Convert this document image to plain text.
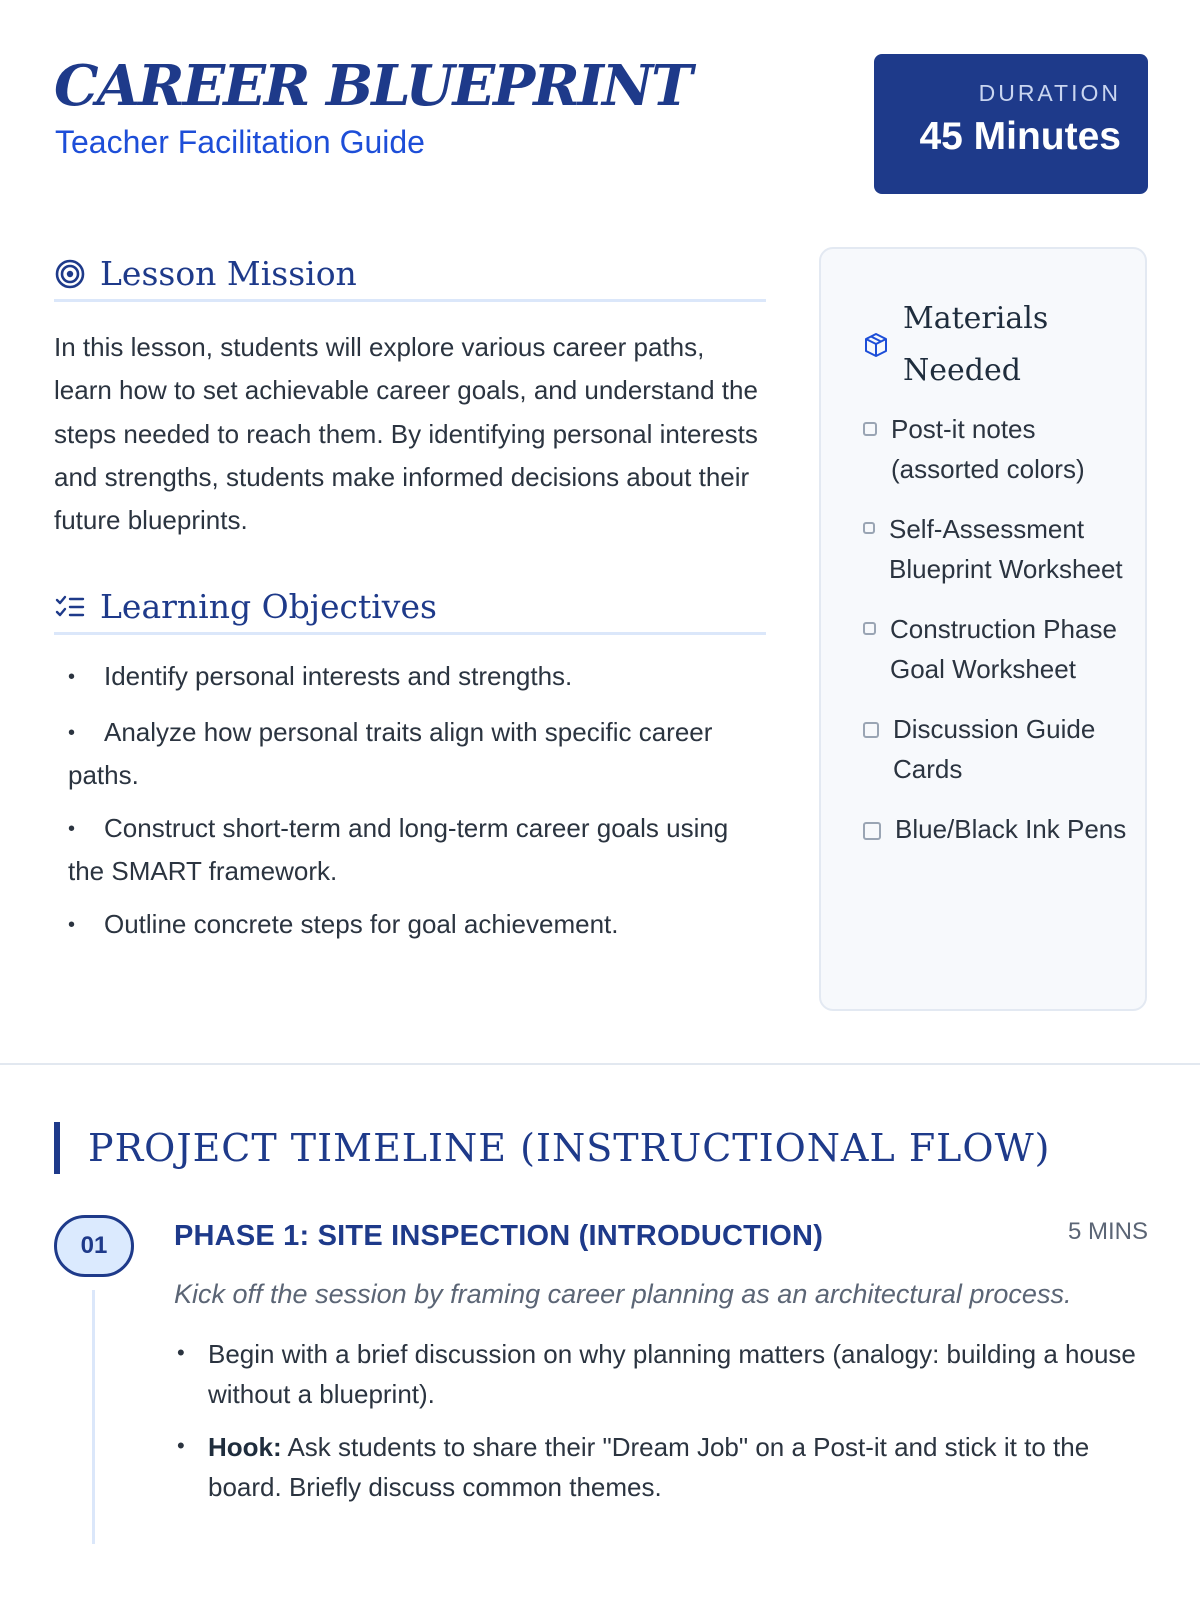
CAREER BLUEPRINT
Teacher Facilitation Guide
DURATION
45 Minutes
Lesson Mission

In this lesson, students will explore various career paths, learn how to set achievable career goals, and understand the steps needed to reach them. By identifying personal interests and strengths, students make informed decisions about their future blueprints.

Learning Objectives
•Identify personal interests and strengths.
•Analyze how personal traits align with specific career paths.
•Construct short-term and long-term career goals using the SMART framework.
•Outline concrete steps for goal achievement.
Materials Needed
Post-it notes (assorted colors)
Self-Assessment Blueprint Worksheet
Construction Phase Goal Worksheet
Discussion Guide Cards
Blue/Black Ink Pens
PROJECT TIMELINE (INSTRUCTIONAL FLOW)
01	PHASE 1: SITE INSPECTION (INTRODUCTION)	5 MINS
Kick off the session by framing career planning as an architectural process.
• Begin with a brief discussion on why planning matters (analogy: building a house without a blueprint).
• Hook: Ask students to share their "Dream Job" on a Post-it and stick it to the board. Briefly discuss common themes.
